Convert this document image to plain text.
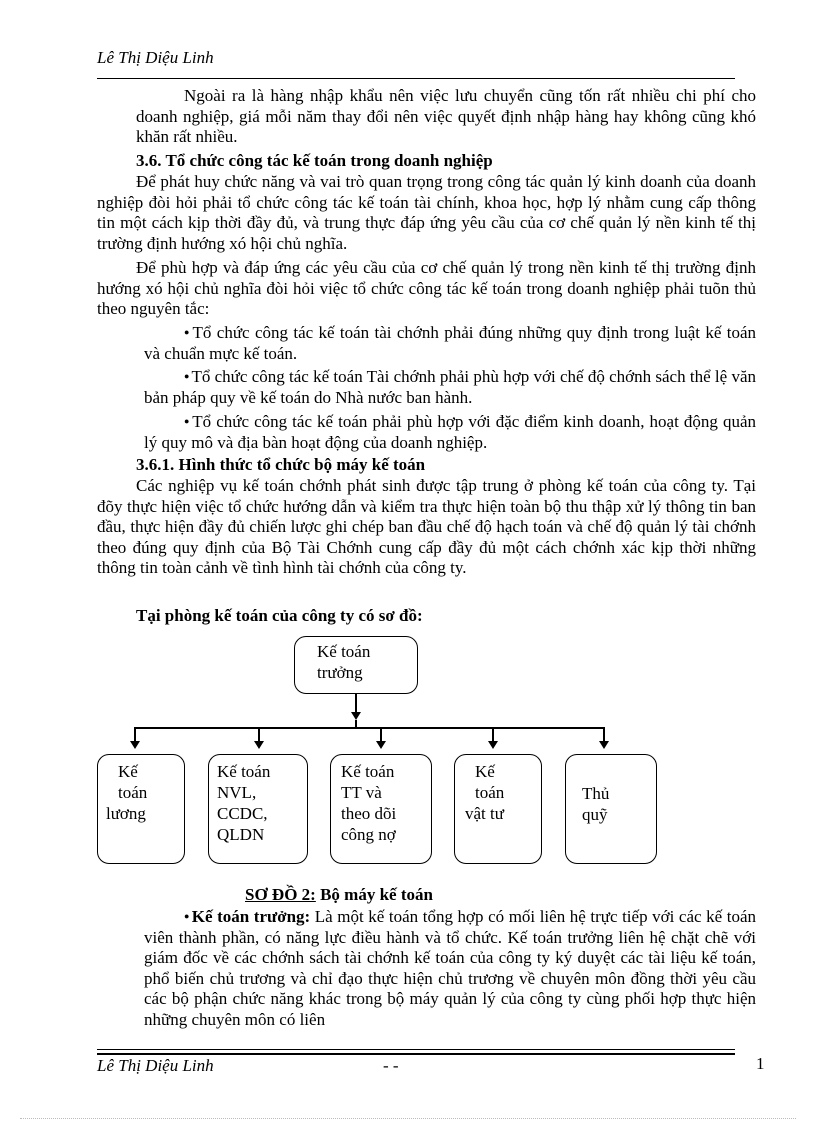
Lê Thị Diệu Linh

Ngoài ra là hàng nhập khẩu nên việc lưu chuyển cũng tốn rất nhiều chi phí cho doanh nghiệp, giá mỗi năm thay đổi nên việc quyết định nhập hàng hay không cũng khó khăn rất nhiều.

3.6. Tổ chức công tác kế toán trong doanh nghiệp

Để phát huy chức năng và vai trò quan trọng trong công tác quản lý kinh doanh của doanh nghiệp đòi hỏi phải tổ chức công tác kế toán tài chính, khoa học, hợp lý nhằm cung cấp thông tin một cách kịp thời đầy đủ, và trung thực đáp ứng yêu cầu của cơ chế quản lý nền kinh tế thị trường định hướng xó hội chủ nghĩa.

Để phù hợp và đáp ứng các yêu cầu của cơ chế quản lý trong nền kinh tế thị trường định hướng xó hội chủ nghĩa đòi hỏi việc tổ chức công tác kế toán trong doanh nghiệp phải tuõn thủ theo nguyên tắc:

● Tổ chức công tác kế toán tài chớnh phải đúng những quy định trong luật kế toán và chuẩn mực kế toán.

● Tổ chức công tác kế toán Tài chớnh phải phù hợp với chế độ chớnh sách thể lệ văn bản pháp quy về kế toán do Nhà nước ban hành.

● Tổ chức công tác kế toán phải phù hợp với đặc điểm kinh doanh, hoạt động quản lý quy mô và địa bàn hoạt động của doanh nghiệp.

3.6.1. Hình thức tổ chức bộ máy kế toán

Các nghiệp vụ kế toán chớnh phát sinh được tập trung ở phòng kế toán của công ty. Tại đõy thực hiện việc tổ chức hướng dẫn và kiểm tra thực hiện toàn bộ thu thập xử lý thông tin ban đầu, thực hiện đầy đủ chiến lược ghi chép ban đầu chế độ hạch toán và chế độ quản lý tài chớnh theo đúng quy định của Bộ Tài Chớnh cung cấp đầy đủ một cách chớnh xác kịp thời những thông tin toàn cảnh về tình hình tài chớnh của công ty.

Tại phòng kế toán của công ty có sơ đồ:
Kế toán
trưởng
Kế
toán
lương
Kế toán
NVL,
CCDC,
QLDN
Kế toán
TT và
theo dõi
công nợ
Kế
toán
vật tư
Thủ
quỹ
SƠ ĐỒ 2: Bộ máy kế toán

● Kế toán trưởng: Là một kế toán tổng hợp có mối liên hệ trực tiếp với các kế toán viên thành phần, có năng lực điều hành và tổ chức. Kế toán trưởng liên hệ chặt chẽ với giám đốc về các chớnh sách tài chớnh kế toán của công ty ký duyệt các tài liệu kế toán, phổ biến chủ trương và chỉ đạo thực hiện chủ trương về chuyên môn đồng thời yêu cầu các bộ phận chức năng khác trong bộ máy quản lý của công ty cùng phối hợp thực hiện những chuyên môn có liên

Lê Thị Diệu Linh	- -	1
